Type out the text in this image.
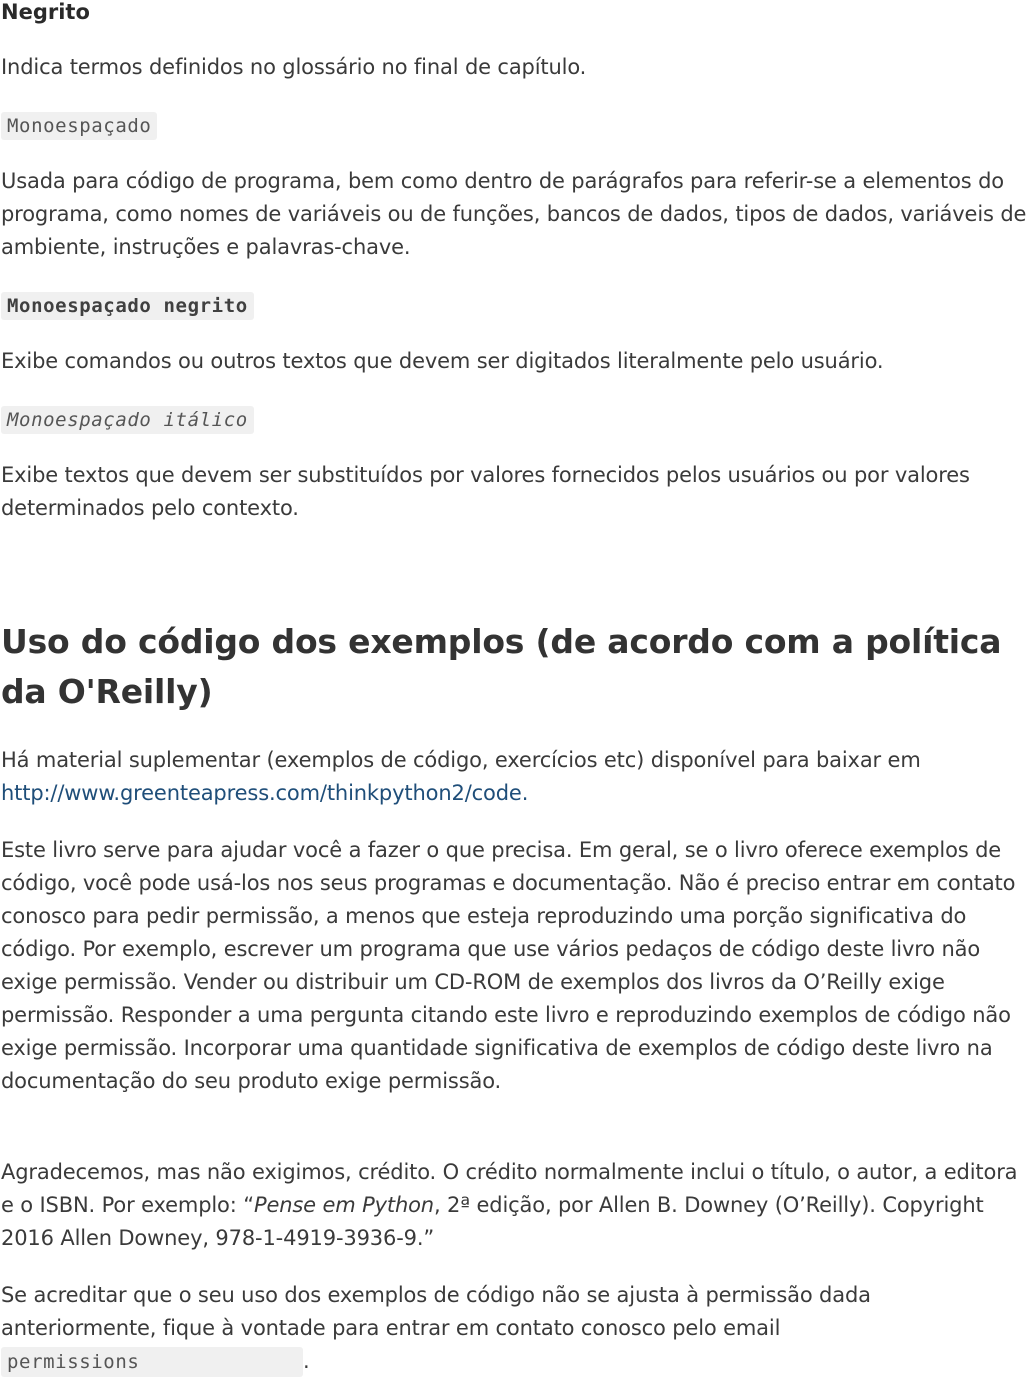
Negrito
Indica termos definidos no glossário no final de capítulo.
Monoespaçado
Usada para código de programa, bem como dentro de parágrafos para referir-se a elementos do programa, como nomes de variáveis ou de funções, bancos de dados, tipos de dados, variáveis de ambiente, instruções e palavras-chave.
Monoespaçado negrito
Exibe comandos ou outros textos que devem ser digitados literalmente pelo usuário.
Monoespaçado itálico
Exibe textos que devem ser substituídos por valores fornecidos pelos usuários ou por valores determinados pelo contexto.
Uso do código dos exemplos (de acordo com a política da O'Reilly)
Há material suplementar (exemplos de código, exercícios etc) disponível para baixar em http://www.greenteapress.com/thinkpython2/code.
Este livro serve para ajudar você a fazer o que precisa. Em geral, se o livro oferece exemplos de código, você pode usá-los nos seus programas e documentação. Não é preciso entrar em contato conosco para pedir permissão, a menos que esteja reproduzindo uma porção significativa do código. Por exemplo, escrever um programa que use vários pedaços de código deste livro não exige permissão. Vender ou distribuir um CD-ROM de exemplos dos livros da O’Reilly exige permissão. Responder a uma pergunta citando este livro e reproduzindo exemplos de código não exige permissão. Incorporar uma quantidade significativa de exemplos de código deste livro na documentação do seu produto exige permissão.
Agradecemos, mas não exigimos, crédito. O crédito normalmente inclui o título, o autor, a editora e o ISBN. Por exemplo: “Pense em Python, 2ª edição, por Allen B. Downey (O’Reilly). Copyright 2016 Allen Downey, 978-1-4919-3936-9.”
Se acreditar que o seu uso dos exemplos de código não se ajusta à permissão dada anteriormente, fique à vontade para entrar em contato conosco pelo email permissions	.
